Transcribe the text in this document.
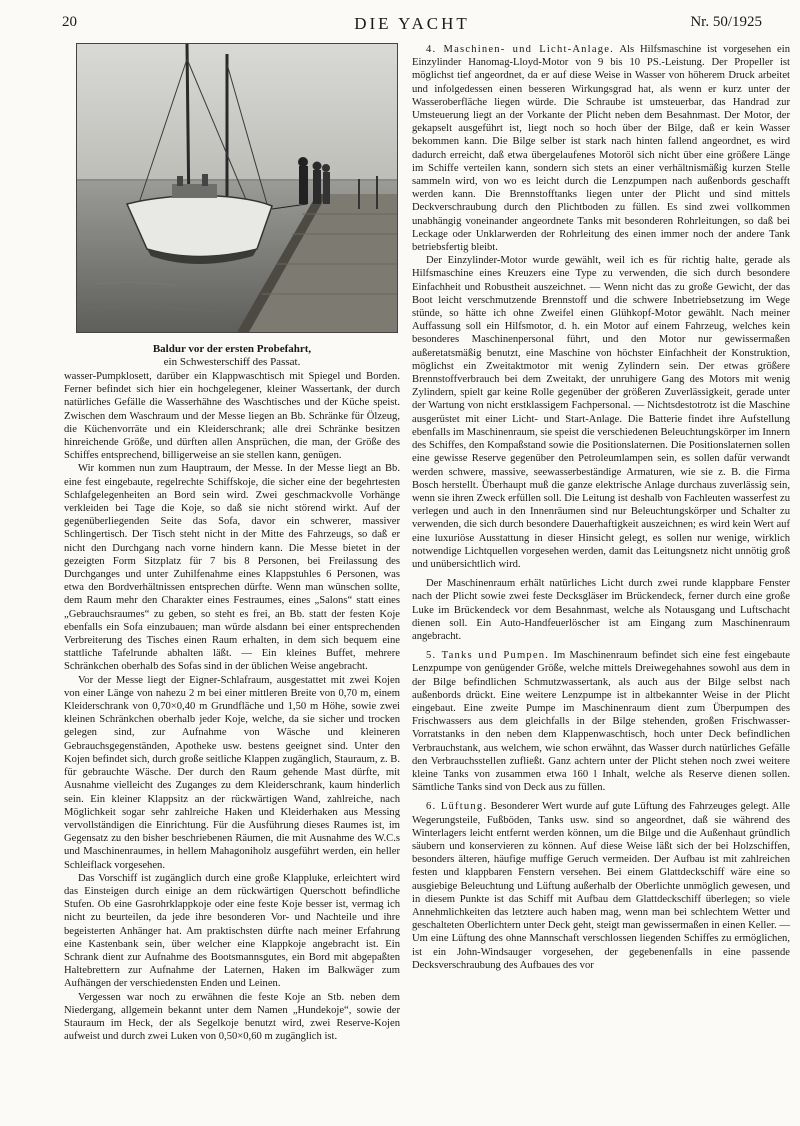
20	DIE YACHT	Nr. 50/1925
Baldur vor der ersten Probefahrt,
ein Schwesterschiff des Passat.

wasser-Pumpklosett, darüber ein Klappwaschtisch mit Spiegel und Borden. Ferner befindet sich hier ein hochgelegener, kleiner Wassertank, der durch natürliches Gefälle die Wasserhähne des Waschtisches und der Küche speist. Zwischen dem Waschraum und der Messe liegen an Bb. Schränke für Ölzeug, die Küchenvorräte und ein Kleiderschrank; alle drei Schränke besitzen hinreichende Größe, und dürften allen Ansprüchen, die man, der Größe des Schiffes entsprechend, billigerweise an sie stellen kann, genügen.

Wir kommen nun zum Hauptraum, der Messe. In der Messe liegt an Bb. eine fest eingebaute, regelrechte Schiffskoje, die sicher eine der begehrtesten Schlafgelegenheiten an Bord sein wird. Zwei geschmackvolle Vorhänge verkleiden bei Tage die Koje, so daß sie nicht störend wirkt. Auf der gegenüberliegenden Seite das Sofa, davor ein schwerer, massiver Schlingertisch. Der Tisch steht nicht in der Mitte des Fahrzeugs, so daß er nicht den Durchgang nach vorne hindern kann. Die Messe bietet in der gezeigten Form Sitzplatz für 7 bis 8 Personen, bei Freilassung des Durchganges und unter Zuhilfenahme eines Klappstuhles 6 Personen, was etwa den Bordverhältnissen entsprechen dürfte. Wenn man wünschen sollte, dem Raum mehr den Charakter eines Festraumes, eines „Salons“ statt eines „Gebrauchsraumes“ zu geben, so steht es frei, an Bb. statt der festen Koje ebenfalls ein Sofa einzubauen; man würde alsdann bei einer entsprechenden Verbreiterung des Tisches einen Raum erhalten, in dem sich bequem eine stattliche Tafelrunde abhalten läßt. — Ein kleines Buffet, mehrere Schränkchen oberhalb des Sofas sind in der üblichen Weise angebracht.

Vor der Messe liegt der Eigner-Schlafraum, ausgestattet mit zwei Kojen von einer Länge von nahezu 2 m bei einer mittleren Breite von 0,70 m, einem Kleiderschrank von 0,70×0,40 m Grundfläche und 1,50 m Höhe, sowie zwei kleinen Schränkchen oberhalb jeder Koje, welche, da sie sicher und trocken gelegen sind, zur Aufnahme von Wäsche und kleineren Gebrauchsgegenständen, Apotheke usw. bestens geeignet sind. Unter den Kojen befindet sich, durch große seitliche Klappen zugänglich, Stauraum, z. B. für gebrauchte Wäsche. Der durch den Raum gehende Mast dürfte, mit Ausnahme vielleicht des Zuganges zu dem Kleiderschrank, kaum hinderlich sein. Ein kleiner Klappsitz an der rückwärtigen Wand, zahlreiche, nach Möglichkeit sogar sehr zahlreiche Haken und Kleiderhaken aus Messing vervollständigen die Einrichtung. Für die Ausführung dieses Raumes ist, im Gegensatz zu den bisher beschriebenen Räumen, die mit Ausnahme des W.C.s und Maschinenraumes, in hellem Mahagoniholz ausgeführt werden, ein heller Schleiflack vorgesehen.

Das Vorschiff ist zugänglich durch eine große Klappluke, erleichtert wird das Einsteigen durch einige an dem rückwärtigen Querschott befindliche Stufen. Ob eine Gasrohrklappkoje oder eine feste Koje besser ist, vermag ich nicht zu beurteilen, da jede ihre besonderen Vor- und Nachteile und ihre begeisterten Anhänger hat. Am praktischsten dürfte nach meiner Erfahrung eine Kastenbank sein, über welcher eine Klappkoje angebracht ist. Ein Schrank dient zur Aufnahme des Bootsmannsgutes, ein Bord mit abgepaßten Haltebrettern zur Aufnahme der Laternen, Haken im Balkwäger zum Aufhängen der verschiedensten Enden und Leinen.

Vergessen war noch zu erwähnen die feste Koje an Stb. neben dem Niedergang, allgemein bekannt unter dem Namen „Hundekoje“, sowie der Stauraum im Heck, der als Segelkoje benutzt wird, zwei Reserve-Kojen aufweist und durch zwei Luken von 0,50×0,60 m zugänglich ist.

4. Maschinen- und Licht-Anlage. Als Hilfsmaschine ist vorgesehen ein Einzylinder Hanomag-Lloyd-Motor von 9 bis 10 PS.-Leistung. Der Propeller ist möglichst tief angeordnet, da er auf diese Weise in Wasser von höherem Druck arbeitet und infolgedessen einen besseren Wirkungsgrad hat, als wenn er kurz unter der Wasseroberfläche liegen würde. Die Schraube ist umsteuerbar, das Handrad zur Umsteuerung liegt an der Vorkante der Plicht neben dem Besahnmast. Der Motor, der gekapselt ausgeführt ist, liegt noch so hoch über der Bilge, daß er kein Wasser bekommen kann. Die Bilge selber ist stark nach hinten fallend angeordnet, es wird dadurch erreicht, daß etwa übergelaufenes Motoröl sich nicht über eine größere Länge im Schiffe verteilen kann, sondern sich stets an einer verhältnismäßig kurzen Stelle sammeln wird, von wo es leicht durch die Lenzpumpen nach außenbords geschafft werden kann. Die Brennstofftanks liegen unter der Plicht und sind mittels Deckverschraubung durch den Plichtboden zu füllen. Es sind zwei vollkommen unabhängig voneinander angeordnete Tanks mit besonderen Rohrleitungen, so daß bei Leckage oder Unklarwerden der Rohrleitung des einen immer noch der andere Tank betriebsfertig bleibt.

Der Einzylinder-Motor wurde gewählt, weil ich es für richtig halte, gerade als Hilfsmaschine eines Kreuzers eine Type zu verwenden, die sich durch besondere Einfachheit und Robustheit auszeichnet. — Wenn nicht das zu große Gewicht, der das Boot leicht verschmutzende Brennstoff und die schwere Inbetriebsetzung im Wege stünde, so hätte ich ohne Zweifel einen Glühkopf-Motor gewählt. Nach meiner Auffassung soll ein Hilfsmotor, d. h. ein Motor auf einem Fahrzeug, welches kein besonderes Maschinenpersonal führt, und den Motor nur gewissermaßen außeretatsmäßig benutzt, eine Maschine von höchster Einfachheit der Konstruktion, möglichst ein Zweitaktmotor mit wenig Zylindern sein. Der etwas größere Brennstoffverbrauch bei dem Zweitakt, der unruhigere Gang des Motors mit wenig Zylindern, spielt gar keine Rolle gegenüber der größeren Zuverlässigkeit, gerade unter der Wartung von nicht erstklassigem Fachpersonal. — Nichtsdestotrotz ist die Maschine ausgerüstet mit einer Licht- und Start-Anlage. Die Batterie findet ihre Aufstellung ebenfalls im Maschinenraum, sie speist die verschiedenen Beleuchtungskörper im Innern des Schiffes, den Kompaßstand sowie die Positionslaternen. Die Positionslaternen sollen eine gewisse Reserve gegenüber den Petroleumlampen sein, es sollen dafür verwandt werden schwere, massive, seewasserbeständige Armaturen, wie sie z. B. die Firma Bosch herstellt. Überhaupt muß die ganze elektrische Anlage durchaus zuverlässig sein, wenn sie ihren Zweck erfüllen soll. Die Leitung ist deshalb von Fachleuten wasserfest zu verlegen und auch in den Innenräumen sind nur Beleuchtungskörper und Schalter zu verwenden, die sich durch besondere Dauerhaftigkeit auszeichnen; es wird kein Wert auf eine luxuriöse Ausstattung in dieser Hinsicht gelegt, es sollen nur wenige, wirklich notwendige Lichtquellen vorgesehen werden, damit das Leitungsnetz nicht unnötig groß und unübersichtlich wird.

Der Maschinenraum erhält natürliches Licht durch zwei runde klappbare Fenster nach der Plicht sowie zwei feste Decksgläser im Brückendeck, ferner durch eine große Luke im Brückendeck vor dem Besahnmast, welche als Notausgang und Luftschacht dienen soll. Ein Auto-Handfeuerlöscher ist am Eingang zum Maschinenraum angebracht.

5. Tanks und Pumpen. Im Maschinenraum befindet sich eine fest eingebaute Lenzpumpe von genügender Größe, welche mittels Dreiwegehahnes sowohl aus dem in der Bilge befindlichen Schmutzwassertank, als auch aus der Bilge selbst nach außenbords drückt. Eine weitere Lenzpumpe ist in altbekannter Weise in der Plicht eingebaut. Eine zweite Pumpe im Maschinenraum dient zum Überpumpen des Frischwassers aus dem gleichfalls in der Bilge stehenden, großen Frischwasser-Vorratstanks in den neben dem Klappenwaschtisch, hoch unter Deck befindlichen Verbrauchstank, aus welchem, wie schon erwähnt, das Wasser durch natürliches Gefälle den Verbrauchsstellen zufließt. Ganz achtern unter der Plicht stehen noch zwei weitere kleine Tanks von zusammen etwa 160 l Inhalt, welche als Reserve dienen sollen. Sämtliche Tanks sind von Deck aus zu füllen.

6. Lüftung. Besonderer Wert wurde auf gute Lüftung des Fahrzeuges gelegt. Alle Wegerungsteile, Fußböden, Tanks usw. sind so angeordnet, daß sie während des Winterlagers leicht entfernt werden können, um die Bilge und die Außenhaut gründlich säubern und konservieren zu können. Auf diese Weise läßt sich der bei Holzschiffen, besonders älteren, häufige muffige Geruch vermeiden. Der Aufbau ist mit zahlreichen festen und klappbaren Fenstern versehen. Bei einem Glattdeckschiff wäre eine so ausgiebige Beleuchtung und Lüftung außerhalb der Oberlichte unmöglich gewesen, und in diesem Punkte ist das Schiff mit Aufbau dem Glattdeckschiff überlegen; so viele Annehmlichkeiten das letztere auch haben mag, wenn man bei schlechtem Wetter und geschalteten Oberlichtern unter Deck geht, steigt man gewissermaßen in einen Keller. — Um eine Lüftung des ohne Mannschaft verschlossen liegenden Schiffes zu ermöglichen, ist ein John-Windsauger vorgesehen, der gegebenenfalls in eine passende Decksverschraubung des Aufbaues des vor
